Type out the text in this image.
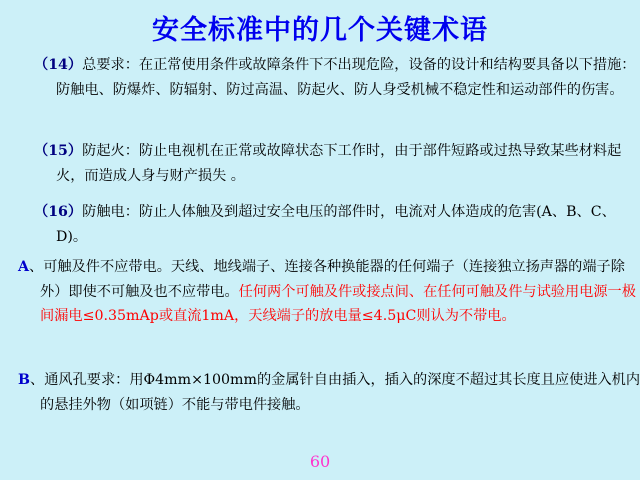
安全标准中的几个关键术语
（14）总要求：在正常使用条件或故障条件下不出现危险，设备的设计和结构要具备以下措施：防触电、防爆炸、防辐射、防过高温、防起火、防人身受机械不稳定性和运动部件的伤害。
（15）防起火：防止电视机在正常或故障状态下工作时，由于部件短路或过热导致某些材料起火，而造成人身与财产损失 。
（16）防触电：防止人体触及到超过安全电压的部件时，电流对人体造成的危害(A、B、C、D)。
A、可触及件不应带电。天线、地线端子、连接各种换能器的任何端子（连接独立扬声器的端子除外）即使不可触及也不应带电。任何两个可触及件或接点间、在任何可触及件与试验用电源一极间漏电≤0.35mAp或直流1mA，天线端子的放电量≤4.5μC则认为不带电。
B、通风孔要求：用Φ4mm×100mm的金属针自由插入，插入的深度不超过其长度且应使进入机内的悬挂外物（如项链）不能与带电件接触。
60
